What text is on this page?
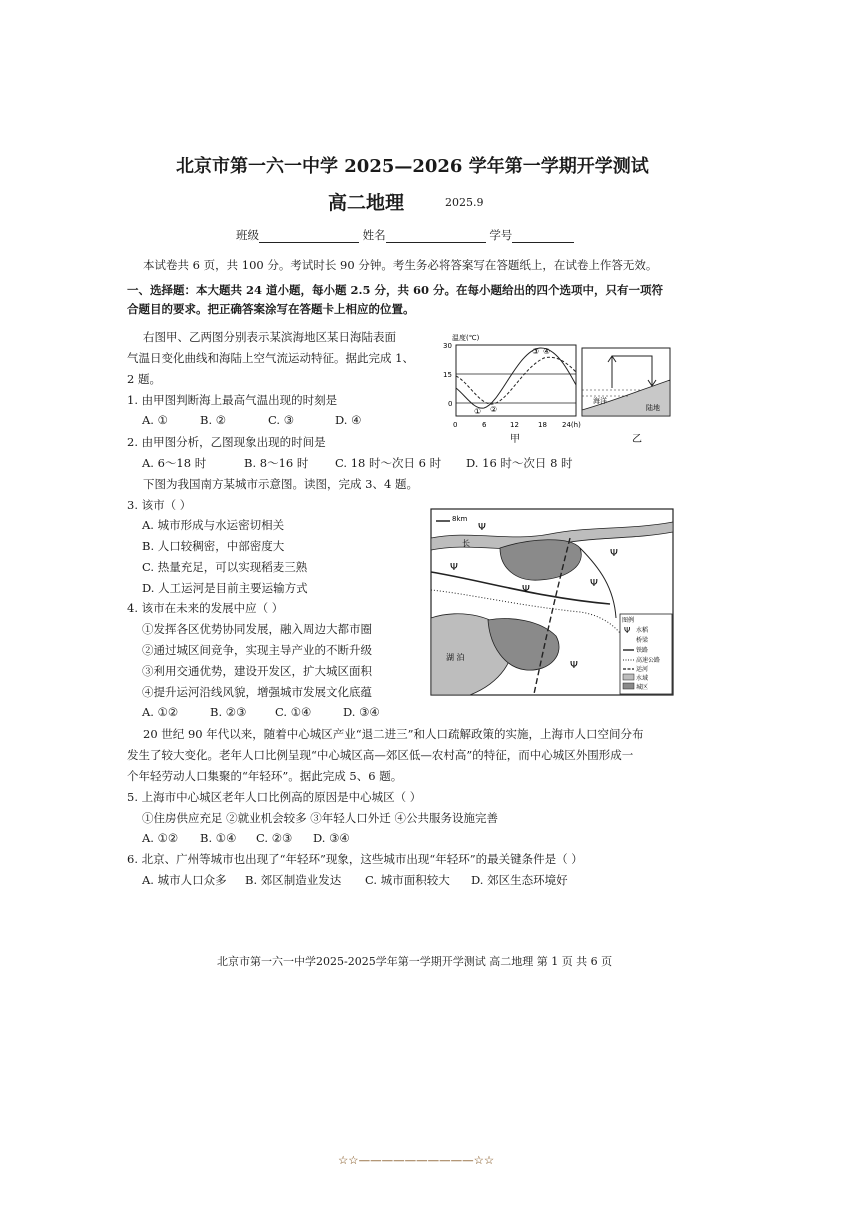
北京市第一六一中学 2025—2026 学年第一学期开学测试
高二地理	2025.9
班级	姓名	学号
本试卷共 6 页，共 100 分。考试时长 90 分钟。考生务必将答案写在答题纸上，在试卷上作答无效。
一、选择题：本大题共 24 道小题，每小题 2.5 分，共 60 分。在每小题给出的四个选项中，只有一项符
合题目的要求。把正确答案涂写在答题卡上相应的位置。
右图甲、乙两图分别表示某滨海地区某日海陆表面
气温日变化曲线和海陆上空气流运动特征。据此完成 1、
2 题。
1. 由甲图判断海上最高气温出现的时刻是
A. ①	B. ②	C. ③	D. ④
2. 由甲图分析，乙图现象出现的时间是
A. 6～18 时	B. 8～16 时 C. 18 时～次日 6 时 D. 16 时～次日 8 时
下图为我国南方某城市示意图。读图，完成 3、4 题。
3. 该市（ ）
A. 城市形成与水运密切相关
B. 人口较稠密，中部密度大
C. 热量充足，可以实现稻麦三熟
D. 人工运河是目前主要运输方式
4. 该市在未来的发展中应（ ）
①发挥各区优势协同发展，融入周边大都市圈
②通过城区间竞争，实现主导产业的不断升级
③利用交通优势，建设开发区，扩大城区面积
④提升运河沿线风貌，增强城市发展文化底蕴
A. ①②	B. ②③ C. ①④	D. ③④
20 世纪 90 年代以来，随着中心城区产业“退二进三”和人口疏解政策的实施，上海市人口空间分布
发生了较大变化。老年人口比例呈现“中心城区高—郊区低—农村高”的特征，而中心城区外围形成一
个年轻劳动人口集聚的“年轻环”。据此完成 5、6 题。
5. 上海市中心城区老年人口比例高的原因是中心城区（ ）
①住房供应充足 ②就业机会较多 ③年轻人口外迁 ④公共服务设施完善
A. ①② B. ①④ C. ②③ D. ③④
6. 北京、广州等城市也出现了“年轻环”现象，这些城市出现“年轻环”的最关键条件是（ ）
A. 城市人口众多 B. 郊区制造业发达 C. 城市面积较大 D. 郊区生态环境好
温度(℃)
30
15
0
① ②
③ ④
0	6	12	18 24(h)
甲
海洋
陆地
乙
8km
长
湖 泊
Ψ
Ψ
Ψ
Ψ
Ψ
Ψ
图例
水稻
桥梁
铁路
高速公路
运河
水域
城区
Ψ
北京市第一六一中学2025-2025学年第一学期开学测试 高二地理 第 1 页 共 6 页
☆☆——————————☆☆
